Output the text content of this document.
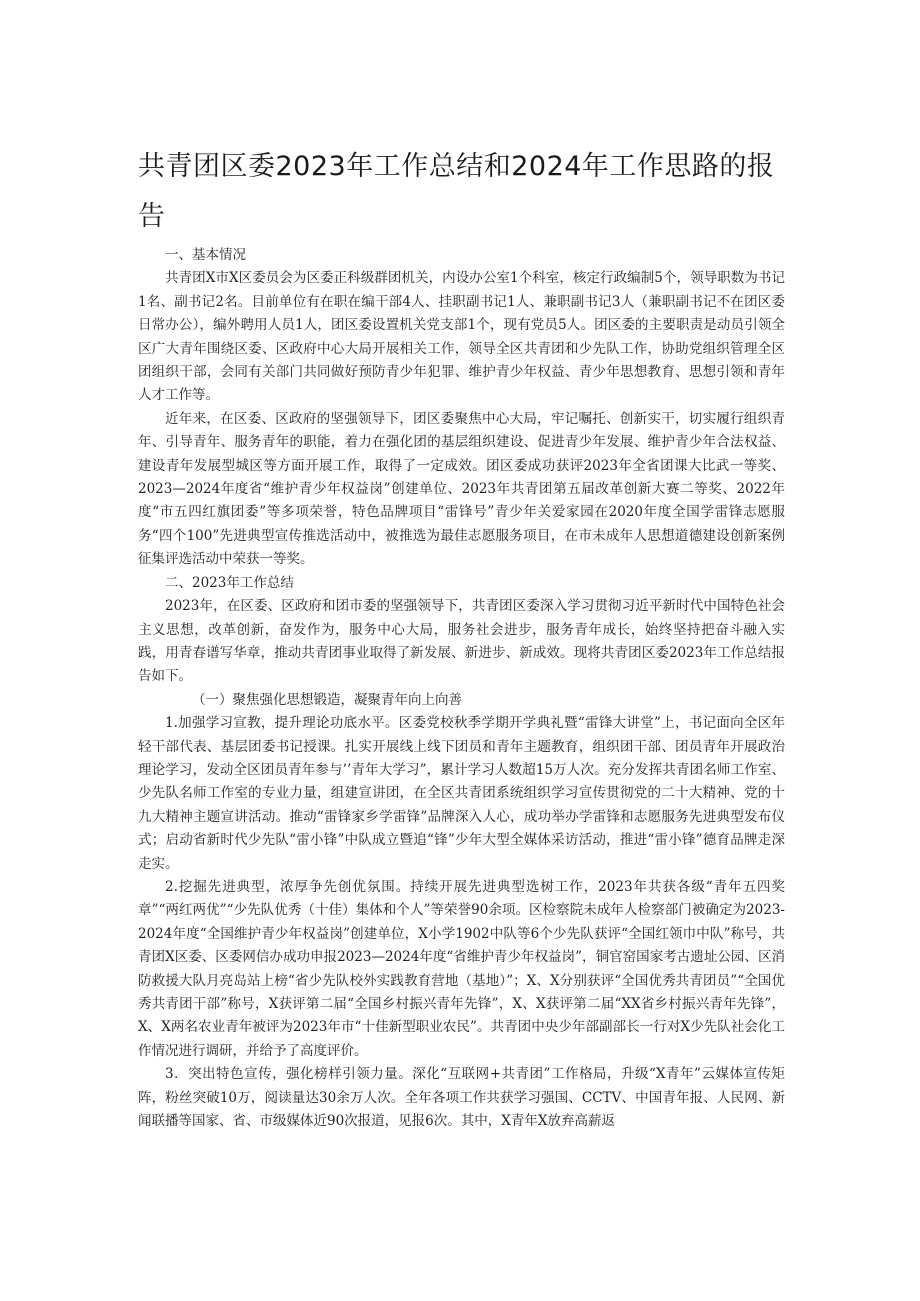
共青团区委2023年工作总结和2024年工作思路的报告

一、基本情况

共青团X市X区委员会为区委正科级群团机关，内设办公室1个科室，核定行政编制5个，领导职数为书记1名、副书记2名。目前单位有在职在编干部4人、挂职副书记1人、兼职副书记3人（兼职副书记不在团区委日常办公），编外聘用人员1人，团区委设置机关党支部1个，现有党员5人。团区委的主要职责是动员引领全区广大青年围绕区委、区政府中心大局开展相关工作，领导全区共青团和少先队工作，协助党组织管理全区团组织干部，会同有关部门共同做好预防青少年犯罪、维护青少年权益、青少年思想教育、思想引领和青年人才工作等。

近年来，在区委、区政府的坚强领导下，团区委聚焦中心大局，牢记嘱托、创新实干，切实履行组织青年、引导青年、服务青年的职能，着力在强化团的基层组织建设、促进青少年发展、维护青少年合法权益、建设青年发展型城区等方面开展工作，取得了一定成效。团区委成功获评2023年全省团课大比武一等奖、2023—2024年度省“维护青少年权益岗”创建单位、2023年共青团第五届改革创新大赛二等奖、2022年度“市五四红旗团委”等多项荣誉，特色品牌项目“雷锋号”青少年关爱家园在2020年度全国学雷锋志愿服务“四个100”先进典型宣传推选活动中，被推选为最佳志愿服务项目，在市未成年人思想道德建设创新案例征集评选活动中荣获一等奖。

二、2023年工作总结

2023年，在区委、区政府和团市委的坚强领导下，共青团区委深入学习贯彻习近平新时代中国特色社会主义思想，改革创新，奋发作为，服务中心大局，服务社会进步，服务青年成长，始终坚持把奋斗融入实践，用青春谱写华章，推动共青团事业取得了新发展、新进步、新成效。现将共青团区委2023年工作总结报告如下。

（一）聚焦强化思想锻造，凝聚青年向上向善

1.加强学习宣教，提升理论功底水平。区委党校秋季学期开学典礼暨“雷锋大讲堂”上，书记面向全区年轻干部代表、基层团委书记授课。扎实开展线上线下团员和青年主题教育，组织团干部、团员青年开展政治理论学习，发动全区团员青年参与’’青年大学习”，累计学习人数超15万人次。充分发挥共青团名师工作室、少先队名师工作室的专业力量，组建宣讲团，在全区共青团系统组织学习宣传贯彻党的二十大精神、党的十九大精神主题宣讲活动。推动“雷锋家乡学雷锋”品牌深入人心，成功举办学雷锋和志愿服务先进典型发布仪式；启动省新时代少先队“雷小锋”中队成立暨追“锋”少年大型全媒体采访活动，推进“雷小锋”德育品牌走深走实。

2.挖掘先进典型，浓厚争先创优氛围。持续开展先进典型选树工作，2023年共获各级“青年五四奖章”“两红两优”“少先队优秀（十佳）集体和个人”等荣誉90余项。区检察院未成年人检察部门被确定为2023-2024年度“全国维护青少年权益岗”创建单位，X小学1902中队等6个少先队获评“全国红领巾中队”称号，共青团X区委、区委网信办成功申报2023—2024年度“省维护青少年权益岗”，铜官窑国家考古遗址公园、区消防救援大队月亮岛站上榜“省少先队校外实践教育营地（基地）”；X、X分别获评“全国优秀共青团员”“全国优秀共青团干部”称号，X获评第二届“全国乡村振兴青年先锋”，X、X获评第二届“XX省乡村振兴青年先锋”，X、X两名农业青年被评为2023年市“十佳新型职业农民”。共青团中央少年部副部长一行对X少先队社会化工作情况进行调研，并给予了高度评价。

3．突出特色宣传，强化榜样引领力量。深化“互联网+共青团”工作格局，升级“X青年”云媒体宣传矩阵，粉丝突破10万，阅读量达30余万人次。全年各项工作共获学习强国、CCTV、中国青年报、人民网、新闻联播等国家、省、市级媒体近90次报道，见报6次。其中，X青年X放弃高薪返
